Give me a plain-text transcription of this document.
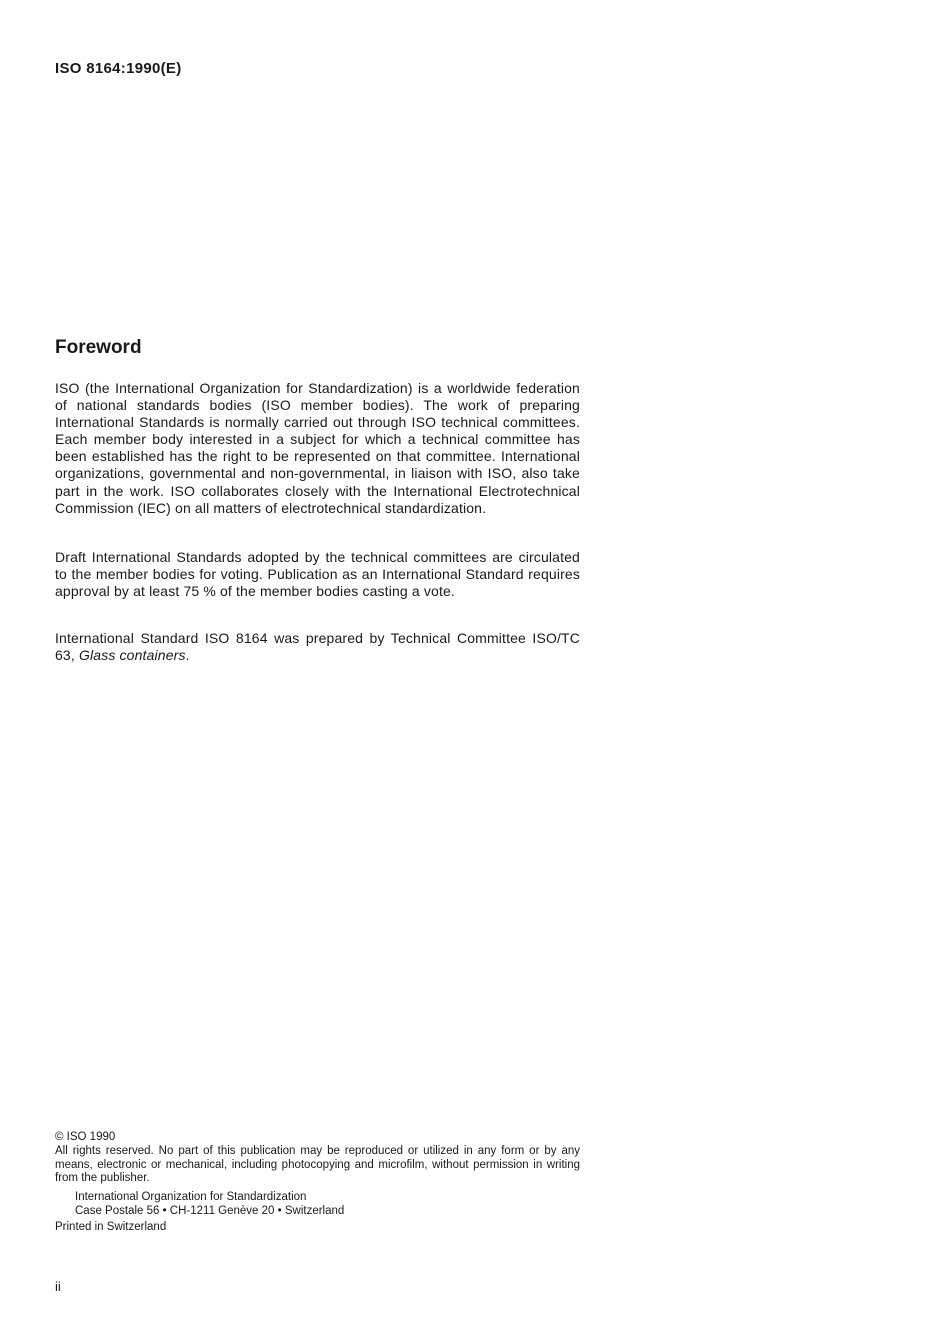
ISO 8164:1990(E)
Foreword

ISO (the International Organization for Standardization) is a worldwide federation of national standards bodies (ISO member bodies). The work of preparing International Standards is normally carried out through ISO technical committees. Each member body interested in a subject for which a technical committee has been established has the right to be represented on that committee. International organizations, governmental and non-governmental, in liaison with ISO, also take part in the work. ISO collaborates closely with the International Electrotechnical Commission (IEC) on all matters of electrotechnical standardization.

Draft International Standards adopted by the technical committees are circulated to the member bodies for voting. Publication as an International Standard requires approval by at least 75 % of the member bodies casting a vote.

International Standard ISO 8164 was prepared by Technical Committee ISO/TC 63, Glass containers.

© ISO 1990

All rights reserved. No part of this publication may be reproduced or utilized in any form or by any means, electronic or mechanical, including photocopying and microfilm, without permission in writing from the publisher.

International Organization for Standardization
Case Postale 56 • CH-1211 Genève 20 • Switzerland
Printed in Switzerland
ii
